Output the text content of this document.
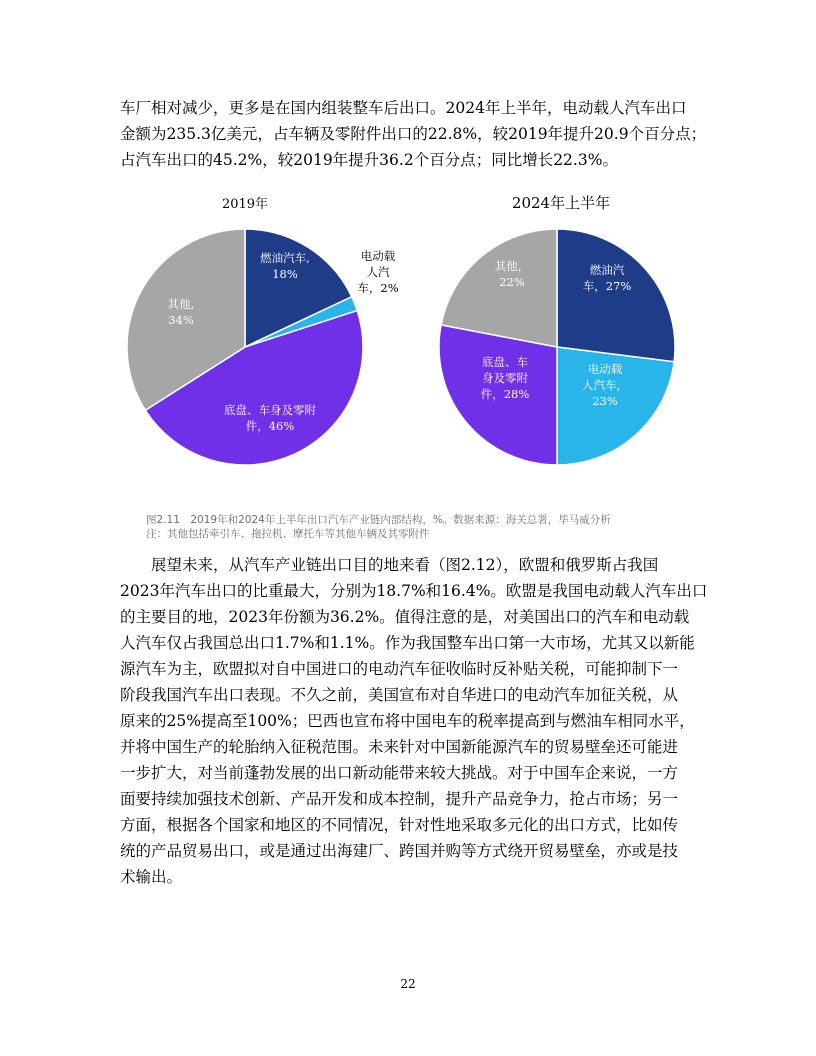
车厂相对减少，更多是在国内组装整车后出口。2024年上半年，电动载人汽车出口
金额为235.3亿美元，占车辆及零附件出口的22.8%，较2019年提升20.9个百分点；
占汽车出口的45.2%，较2019年提升36.2个百分点；同比增长22.3%。
2019年
燃油汽车, 18%
电动载人汽车，2%
底盘、车身及零附件，46%
其他, 34%
2024年上半年
燃油汽车，27%
电动载人汽车， 23%
底盘、车身及零附件，28%
其他， 22%
图2.11　2019年和2024年上半年出口汽车产业链内部结构，%。数据来源：海关总署，毕马威分析
注：其他包括牵引车、拖拉机、摩托车等其他车辆及其零附件
　　展望未来，从汽车产业链出口目的地来看（图2.12），欧盟和俄罗斯占我国
2023年汽车出口的比重最大，分别为18.7%和16.4%。欧盟是我国电动载人汽车出口
的主要目的地，2023年份额为36.2%。值得注意的是，对美国出口的汽车和电动载
人汽车仅占我国总出口1.7%和1.1%。作为我国整车出口第一大市场，尤其又以新能
源汽车为主，欧盟拟对自中国进口的电动汽车征收临时反补贴关税，可能抑制下一
阶段我国汽车出口表现。不久之前，美国宣布对自华进口的电动汽车加征关税，从
原来的25%提高至100%；巴西也宣布将中国电车的税率提高到与燃油车相同水平，
并将中国生产的轮胎纳入征税范围。未来针对中国新能源汽车的贸易壁垒还可能进
一步扩大，对当前蓬勃发展的出口新动能带来较大挑战。对于中国车企来说，一方
面要持续加强技术创新、产品开发和成本控制，提升产品竞争力，抢占市场；另一
方面，根据各个国家和地区的不同情况，针对性地采取多元化的出口方式，比如传
统的产品贸易出口，或是通过出海建厂、跨国并购等方式绕开贸易壁垒，亦或是技
术输出。
22
